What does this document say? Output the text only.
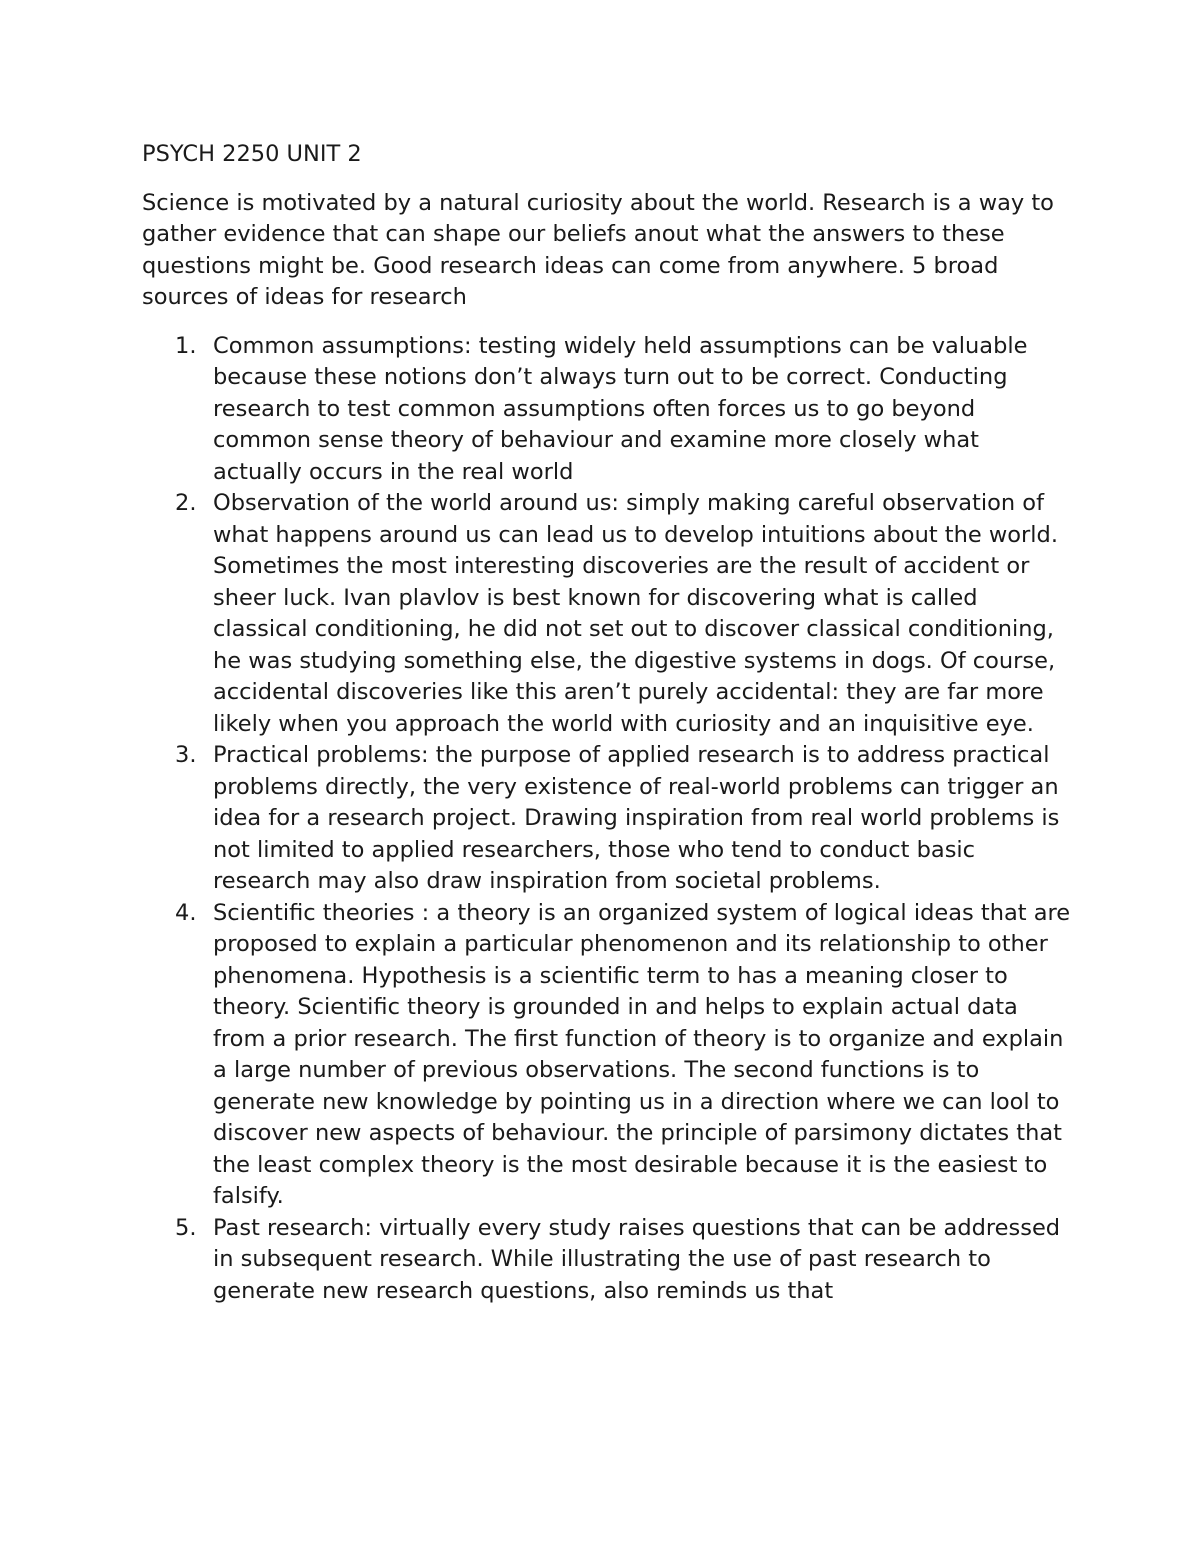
PSYCH 2250 UNIT 2

Science is motivated by a natural curiosity about the world. Research is a way to gather evidence that can shape our beliefs anout what the answers to these questions might be. Good research ideas can come from anywhere. 5 broad sources of ideas for research

1. Common assumptions: testing widely held assumptions can be valuable because these notions don’t always turn out to be correct. Conducting research to test common assumptions often forces us to go beyond common sense theory of behaviour and examine more closely what actually occurs in the real world
2. Observation of the world around us: simply making careful observation of what happens around us can lead us to develop intuitions about the world. Sometimes the most interesting discoveries are the result of accident or sheer luck. Ivan plavlov is best known for discovering what is called classical conditioning, he did not set out to discover classical conditioning, he was studying something else, the digestive systems in dogs. Of course, accidental discoveries like this aren’t purely accidental: they are far more likely when you approach the world with curiosity and an inquisitive eye.
3. Practical problems: the purpose of applied research is to address practical problems directly, the very existence of real-world problems can trigger an idea for a research project. Drawing inspiration from real world problems is not limited to applied researchers, those who tend to conduct basic research may also draw inspiration from societal problems.
4. Scientific theories : a theory is an organized system of logical ideas that are proposed to explain a particular phenomenon and its relationship to other phenomena. Hypothesis is a scientific term to has a meaning closer to theory. Scientific theory is grounded in and helps to explain actual data from a prior research. The first function of theory is to organize and explain a large number of previous observations. The second functions is to generate new knowledge by pointing us in a direction where we can lool to discover new aspects of behaviour. the principle of parsimony dictates that the least complex theory is the most desirable because it is the easiest to falsify.
5. Past research: virtually every study raises questions that can be addressed in subsequent research. While illustrating the use of past research to generate new research questions, also reminds us that
